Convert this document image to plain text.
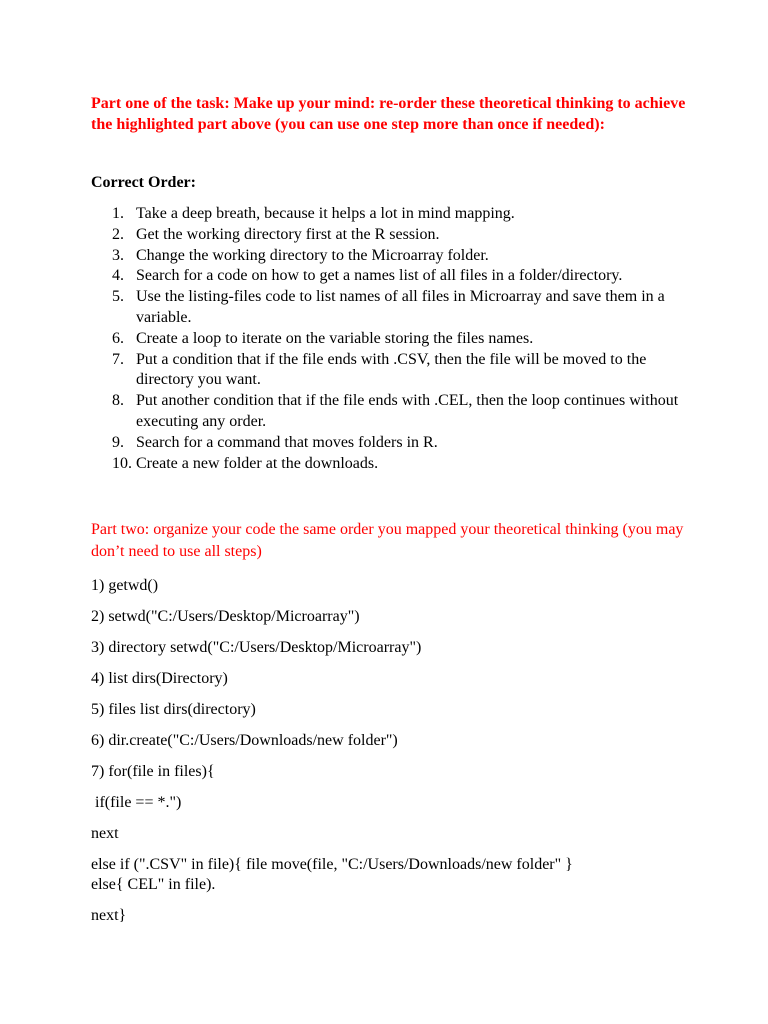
Part one of the task: Make up your mind: re-order these theoretical thinking to achieve the highlighted part above (you can use one step more than once if needed):

Correct Order:

1. Take a deep breath, because it helps a lot in mind mapping.
2. Get the working directory first at the R session.
3. Change the working directory to the Microarray folder.
4. Search for a code on how to get a names list of all files in a folder/directory.
5. Use the listing-files code to list names of all files in Microarray and save them in a variable.
6. Create a loop to iterate on the variable storing the files names.
7. Put a condition that if the file ends with .CSV, then the file will be moved to the directory you want.
8. Put another condition that if the file ends with .CEL, then the loop continues without executing any order.
9. Search for a command that moves folders in R.
10. Create a new folder at the downloads.

Part two: organize your code the same order you mapped your theoretical thinking (you may don’t need to use all steps)

1) getwd()

2) setwd("C:/Users/Desktop/Microarray")

3) directory setwd("C:/Users/Desktop/Microarray")

4) list dirs(Directory)

5) files list dirs(directory)

6) dir.create("C:/Users/Downloads/new folder")

7) for(file in files){

if(file == *.")

next

else if (".CSV" in file){ file move(file, "C:/Users/Downloads/new folder" }

else{ CEL" in file).

next}
